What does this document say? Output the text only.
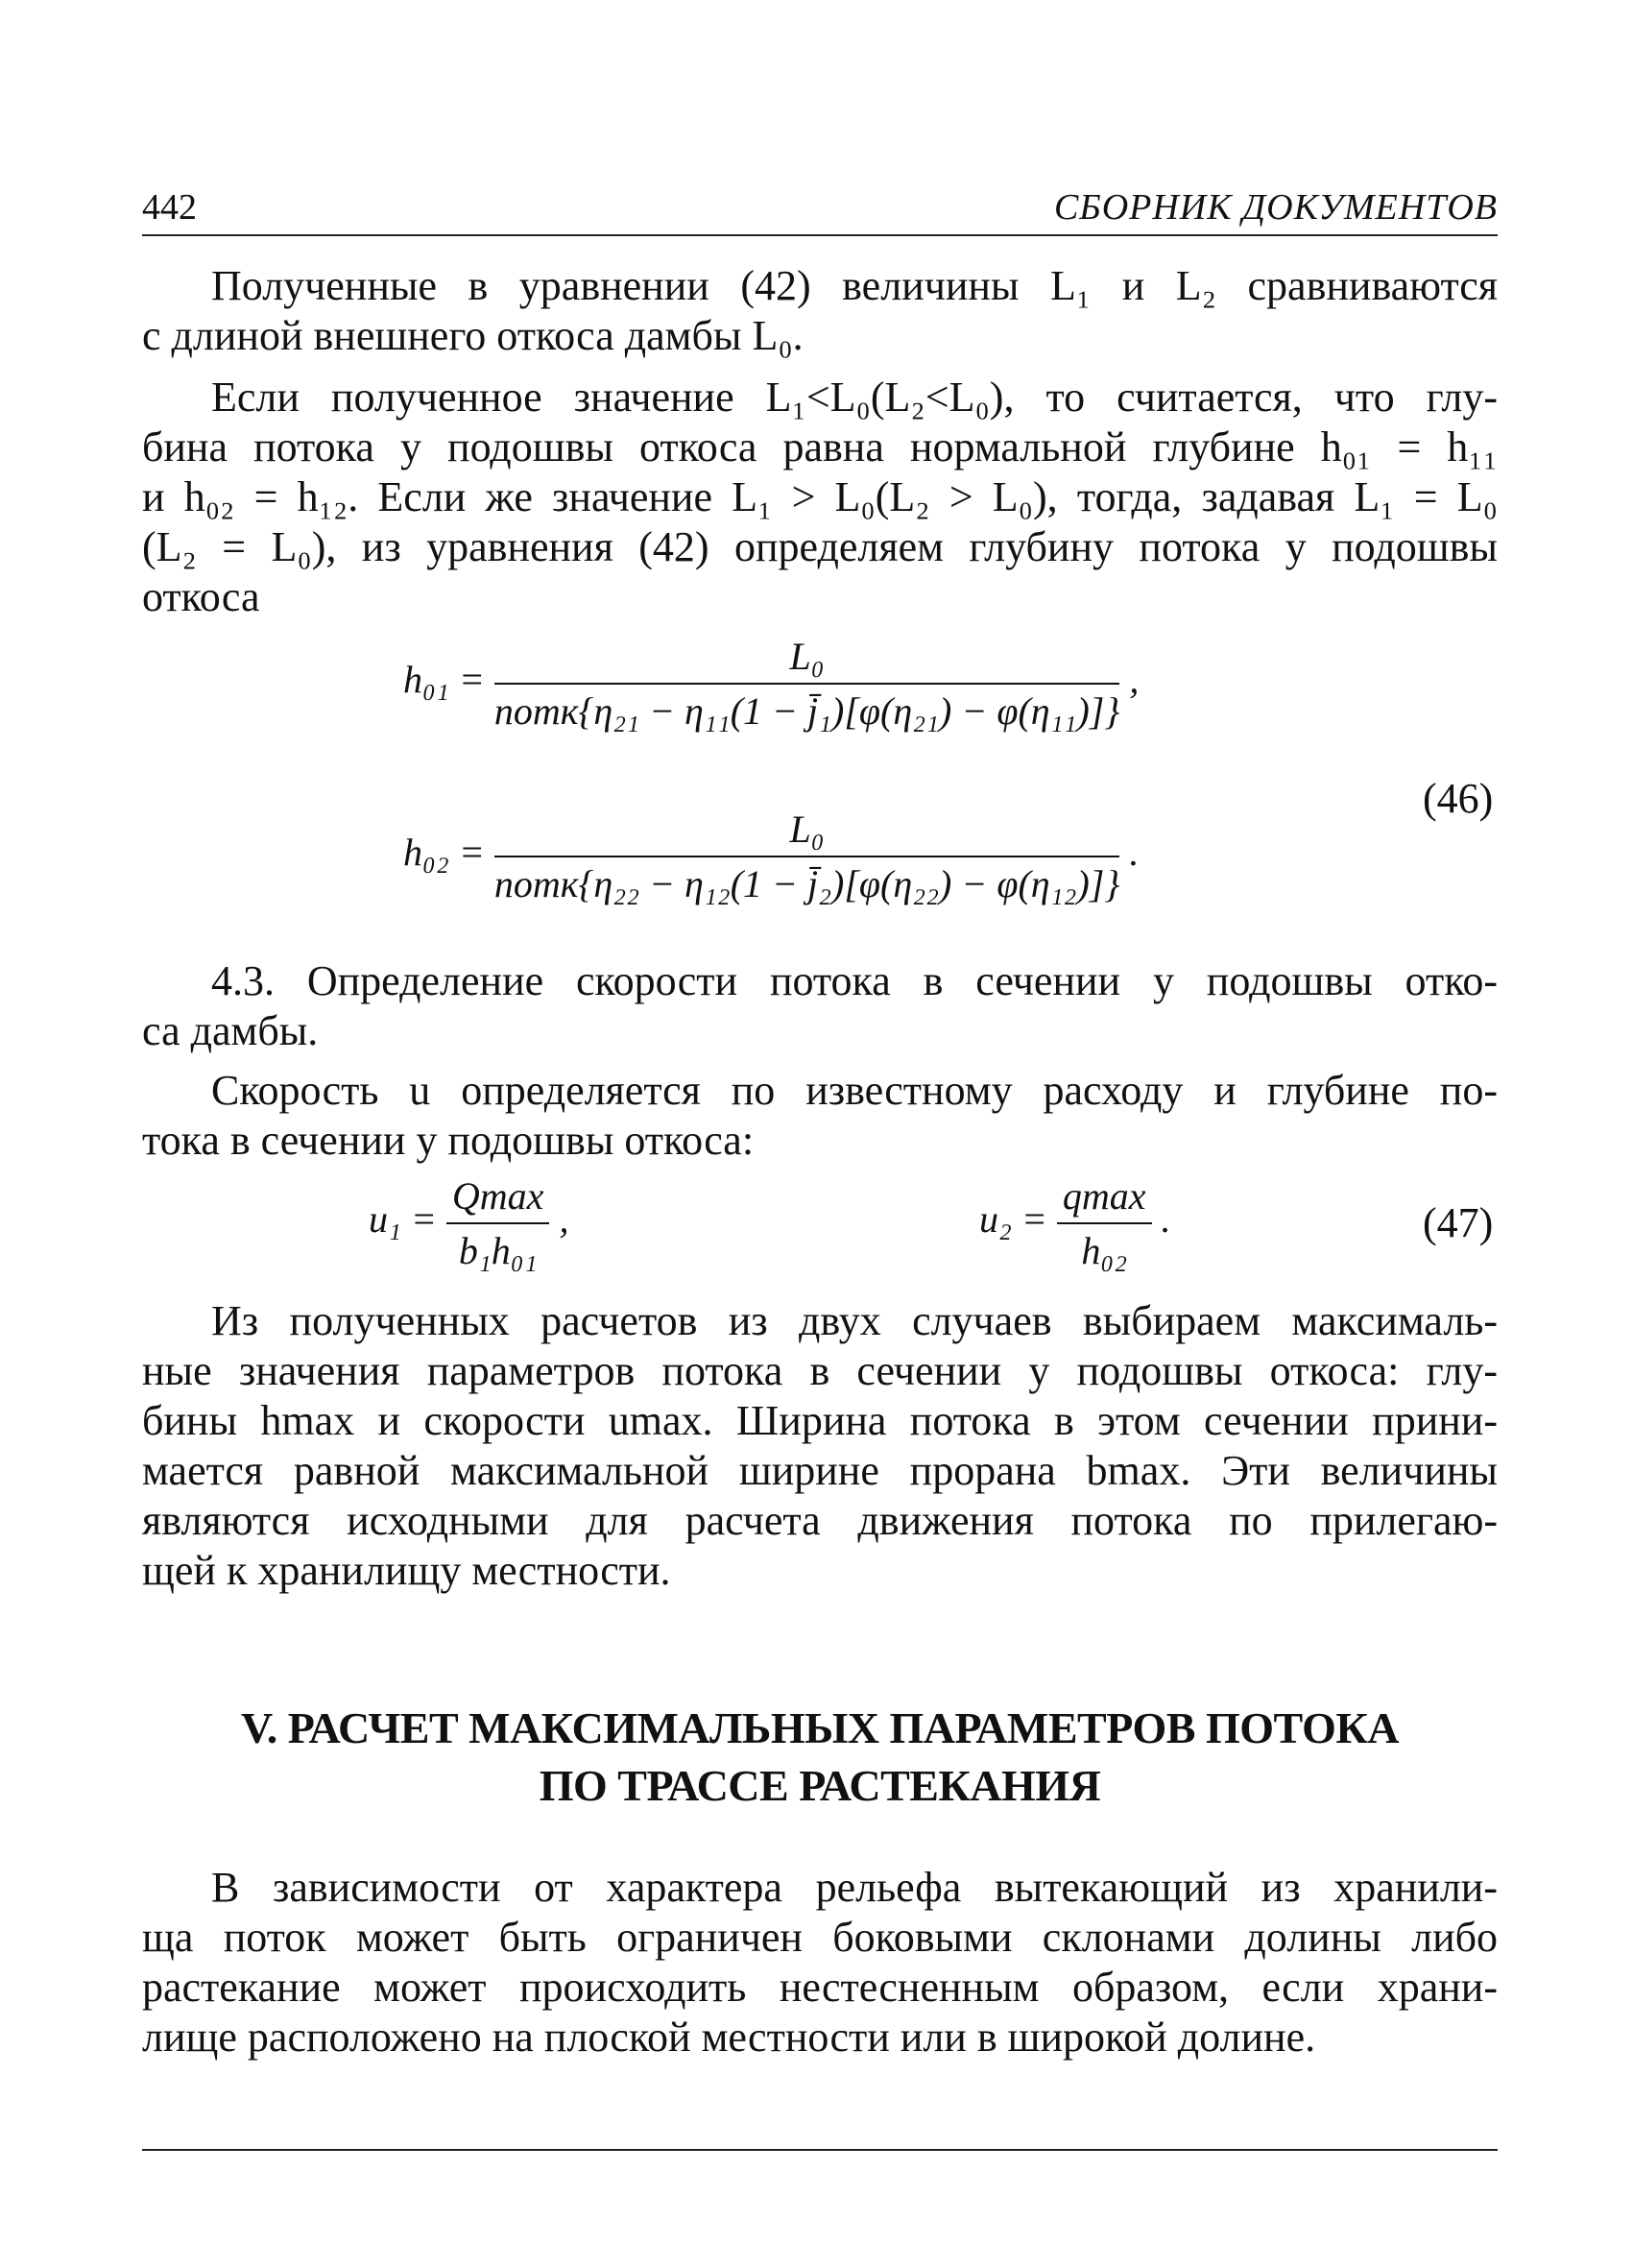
442	СБОРНИК ДОКУМЕНТОВ
Полученные в уравнении (42) величины L₁ и L₂ сравниваются
с длиной внешнего откоса дамбы L₀.
Если полученное значение L₁<L₀(L₂<L₀), то считается, что глу-
бина потока у подошвы откоса равна нормальной глубине h₀₁ = h₁₁
и h₀₂ = h₁₂. Если же значение L₁ > L₀(L₂ > L₀), тогда, задавая L₁ = L₀
(L₂ = L₀), из уравнения (42) определяем глубину потока у подошвы
откоса
$h_{01} = \frac{\text{L₀}}{\text{nотк\{η₂₁ − η₁₁(1 − j̄₁)[φ(η₂₁) − φ(η₁₁)]\}}}$ ,
$h_{02} = \frac{\text{L₀}}{\text{nотк\{η₂₂ − η₁₂(1 − j̄₂)[φ(η₂₂) − φ(η₁₂)]\}}}$ .
(46)
4.3. Определение скорости потока в сечении у подошвы отко-
са дамбы.
Скорость u определяется по известному расходу и глубине по-
тока в сечении у подошвы откоса:
$u_1 = \frac{Qmax}{\text{b₁h₀₁}}$ ,	$u_2 = \frac{qmax}{\text{h₀₂}}$ .	(47)
Из полученных расчетов из двух случаев выбираем максималь-
ные значения параметров потока в сечении у подошвы откоса: глу-
бины hmax и скорости umax. Ширина потока в этом сечении прини-
мается равной максимальной ширине прорана bmax. Эти величины
являются исходными для расчета движения потока по прилегаю-
щей к хранилищу местности.
V. РАСЧЕТ МАКСИМАЛЬНЫХ ПАРАМЕТРОВ ПОТОКА
ПО ТРАССЕ РАСТЕКАНИЯ
В зависимости от характера рельефа вытекающий из хранили-
ща поток может быть ограничен боковыми склонами долины либо
растекание может происходить нестесненным образом, если храни-
лище расположено на плоской местности или в широкой долине.
